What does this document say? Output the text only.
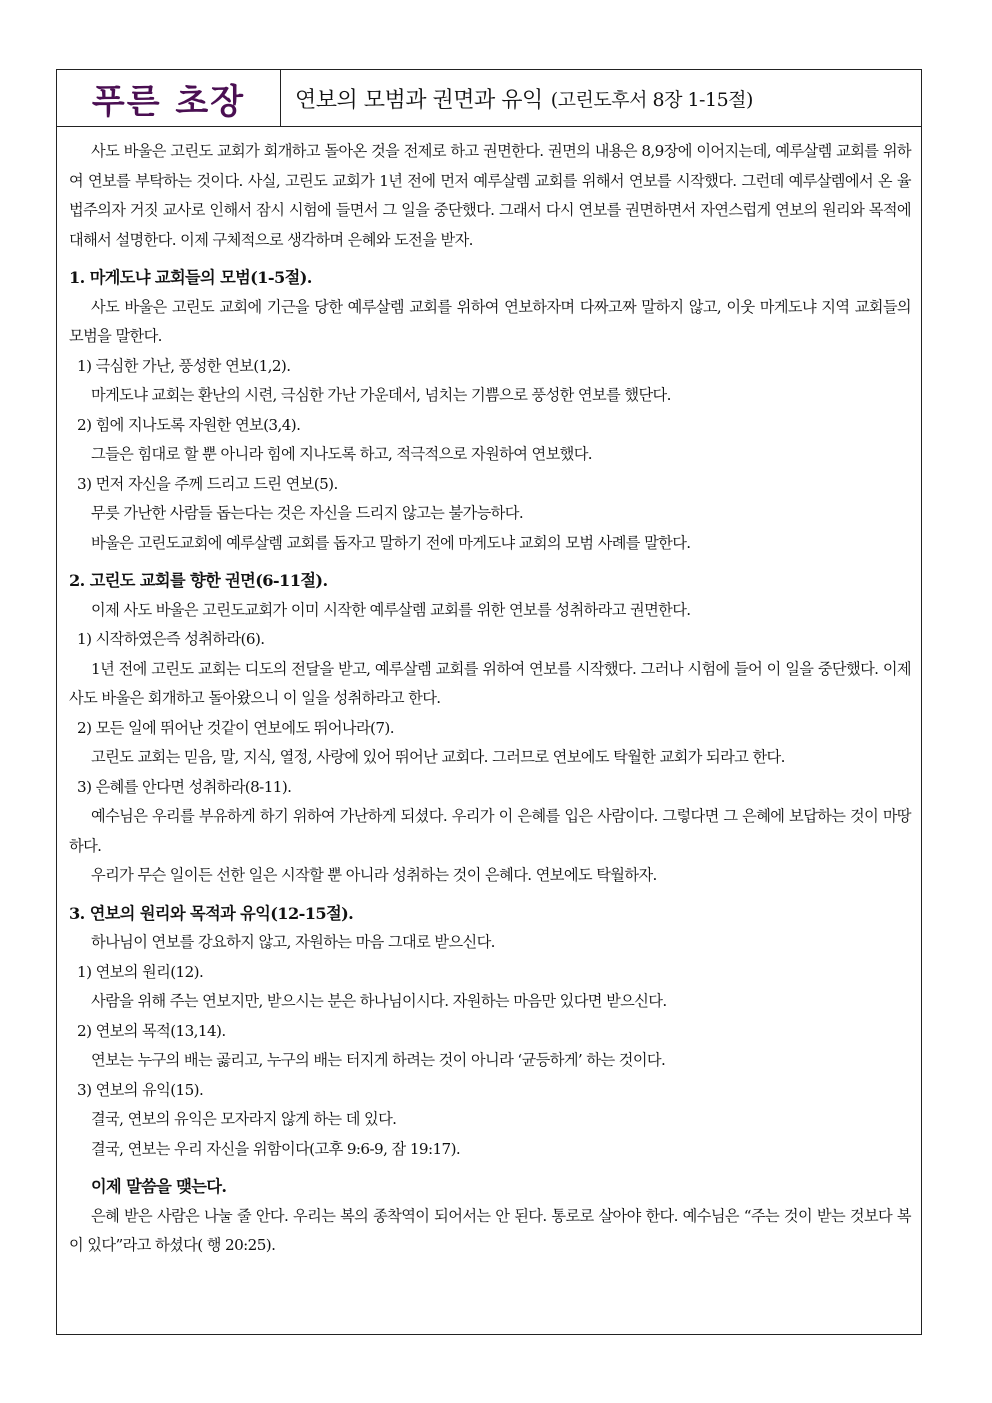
푸른 초장	연보의 모범과 권면과 유익 (고린도후서 8장 1-15절)

사도 바울은 고린도 교회가 회개하고 돌아온 것을 전제로 하고 권면한다. 권면의 내용은 8,9장에 이어지는데, 예루살렘 교회를 위하여 연보를 부탁하는 것이다. 사실, 고린도 교회가 1년 전에 먼저 예루살렘 교회를 위해서 연보를 시작했다. 그런데 예루살렘에서 온 율법주의자 거짓 교사로 인해서 잠시 시험에 들면서 그 일을 중단했다. 그래서 다시 연보를 권면하면서 자연스럽게 연보의 원리와 목적에 대해서 설명한다. 이제 구체적으로 생각하며 은혜와 도전을 받자.

1. 마게도냐 교회들의 모범(1-5절).

사도 바울은 고린도 교회에 기근을 당한 예루살렘 교회를 위하여 연보하자며 다짜고짜 말하지 않고, 이웃 마게도냐 지역 교회들의 모범을 말한다.

1) 극심한 가난, 풍성한 연보(1,2).

마게도냐 교회는 환난의 시련, 극심한 가난 가운데서, 넘치는 기쁨으로 풍성한 연보를 했단다.

2) 힘에 지나도록 자원한 연보(3,4).

그들은 힘대로 할 뿐 아니라 힘에 지나도록 하고, 적극적으로 자원하여 연보했다.

3) 먼저 자신을 주께 드리고 드린 연보(5).

무릇 가난한 사람들 돕는다는 것은 자신을 드리지 않고는 불가능하다.

바울은 고린도교회에 예루살렘 교회를 돕자고 말하기 전에 마게도냐 교회의 모범 사례를 말한다.

2. 고린도 교회를 향한 권면(6-11절).

이제 사도 바울은 고린도교회가 이미 시작한 예루살렘 교회를 위한 연보를 성취하라고 권면한다.

1) 시작하였은즉 성취하라(6).

1년 전에 고린도 교회는 디도의 전달을 받고, 예루살렘 교회를 위하여 연보를 시작했다. 그러나 시험에 들어 이 일을 중단했다. 이제 사도 바울은 회개하고 돌아왔으니 이 일을 성취하라고 한다.

2) 모든 일에 뛰어난 것같이 연보에도 뛰어나라(7).

고린도 교회는 믿음, 말, 지식, 열정, 사랑에 있어 뛰어난 교회다. 그러므로 연보에도 탁월한 교회가 되라고 한다.

3) 은혜를 안다면 성취하라(8-11).

예수님은 우리를 부유하게 하기 위하여 가난하게 되셨다. 우리가 이 은혜를 입은 사람이다. 그렇다면 그 은혜에 보답하는 것이 마땅하다.

우리가 무슨 일이든 선한 일은 시작할 뿐 아니라 성취하는 것이 은혜다. 연보에도 탁월하자.

3. 연보의 원리와 목적과 유익(12-15절).

하나님이 연보를 강요하지 않고, 자원하는 마음 그대로 받으신다.

1) 연보의 원리(12).

사람을 위해 주는 연보지만, 받으시는 분은 하나님이시다. 자원하는 마음만 있다면 받으신다.

2) 연보의 목적(13,14).

연보는 누구의 배는 곯리고, 누구의 배는 터지게 하려는 것이 아니라 ‘균등하게’ 하는 것이다.

3) 연보의 유익(15).

결국, 연보의 유익은 모자라지 않게 하는 데 있다.

결국, 연보는 우리 자신을 위함이다(고후 9:6-9, 잠 19:17).

이제 말씀을 맺는다.

은혜 받은 사람은 나눌 줄 안다. 우리는 복의 종착역이 되어서는 안 된다. 통로로 살아야 한다. 예수님은 “주는 것이 받는 것보다 복이 있다”라고 하셨다( 행 20:25).
